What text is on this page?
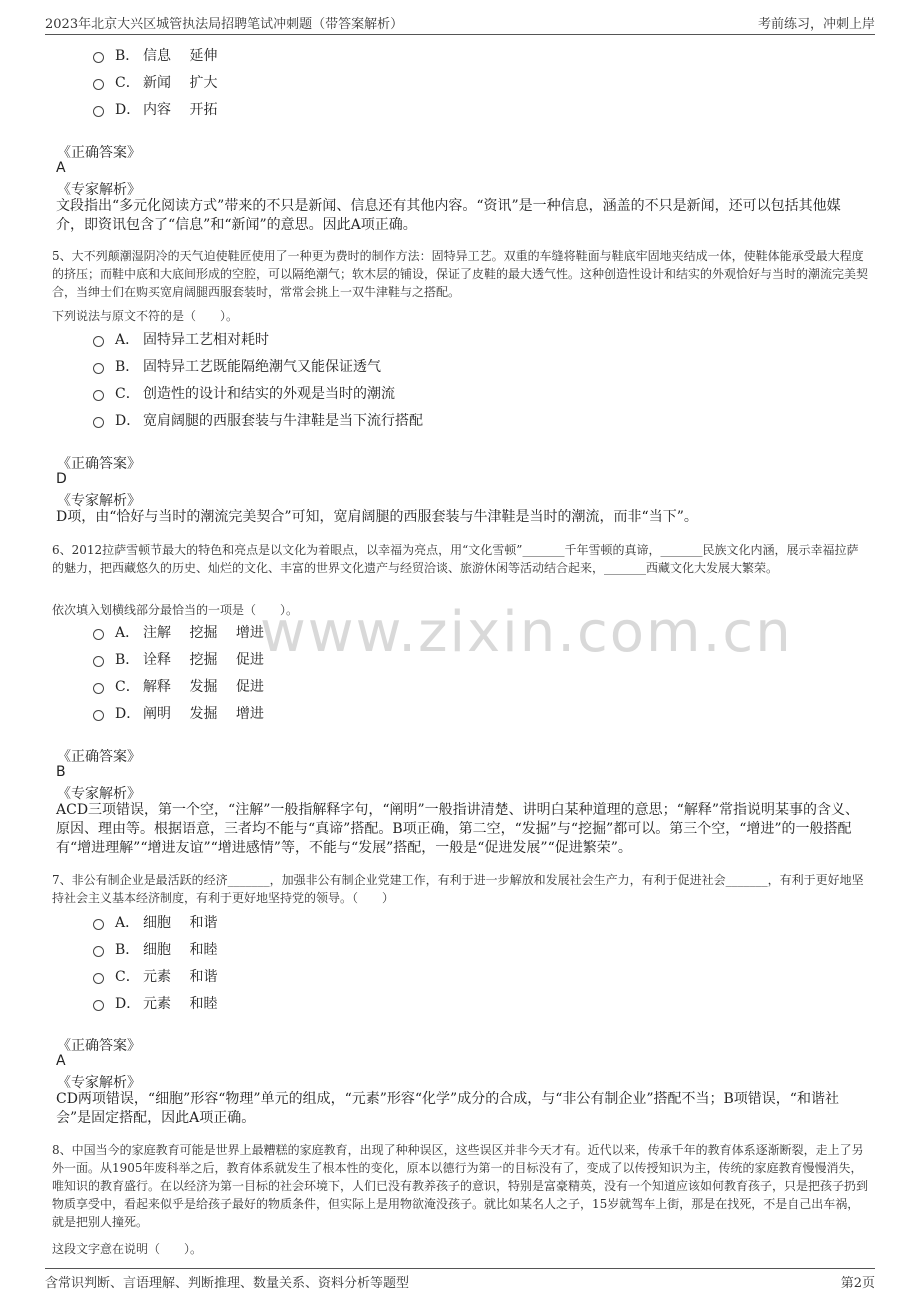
2023年北京大兴区城管执法局招聘笔试冲刺题（带答案解析）	考前练习，冲刺上岸
www.zixin.com.cn
B． 信息　 延伸
C． 新闻　 扩大
D． 内容　 开拓
《正确答案》
A
《专家解析》
文段指出“多元化阅读方式”带来的不只是新闻、信息还有其他内容。“资讯”是一种信息，涵盖的不只是新闻，还可以包括其他媒介，即资讯包含了“信息”和“新闻”的意思。因此A项正确。
5、大不列颠潮湿阴冷的天气迫使鞋匠使用了一种更为费时的制作方法：固特异工艺。双重的车缝将鞋面与鞋底牢固地夹结成一体，使鞋体能承受最大程度的挤压；而鞋中底和大底间形成的空腔，可以隔绝潮气；软木层的铺设，保证了皮鞋的最大透气性。这种创造性设计和结实的外观恰好与当时的潮流完美契合，当绅士们在购买宽肩阔腿西服套装时，常常会挑上一双牛津鞋与之搭配。
下列说法与原文不符的是（　　）。
A． 固特异工艺相对耗时
B． 固特异工艺既能隔绝潮气又能保证透气
C． 创造性的设计和结实的外观是当时的潮流
D． 宽肩阔腿的西服套装与牛津鞋是当下流行搭配
《正确答案》
D
《专家解析》
D项，由“恰好与当时的潮流完美契合”可知，宽肩阔腿的西服套装与牛津鞋是当时的潮流，而非“当下”。
6、2012拉萨雪顿节最大的特色和亮点是以文化为着眼点，以幸福为亮点，用“文化雪顿”_______千年雪顿的真谛，_______民族文化内涵，展示幸福拉萨的魅力，把西藏悠久的历史、灿烂的文化、丰富的世界文化遗产与经贸洽谈、旅游休闲等活动结合起来，_______西藏文化大发展大繁荣。
依次填入划横线部分最恰当的一项是（　　）。
A． 注解　 挖掘　 增进
B． 诠释　 挖掘　 促进
C． 解释　 发掘　 促进
D． 阐明　 发掘　 增进
《正确答案》
B
《专家解析》
ACD三项错误，第一个空，“注解”一般指解释字句，“阐明”一般指讲清楚、讲明白某种道理的意思；“解释”常指说明某事的含义、原因、理由等。根据语意，三者均不能与“真谛”搭配。B项正确，第二空，“发掘”与“挖掘”都可以。第三个空，“增进”的一般搭配有“增进理解”“增进友谊”“增进感情”等，不能与“发展”搭配，一般是“促进发展”“促进繁荣”。
7、非公有制企业是最活跃的经济_______，加强非公有制企业党建工作，有利于进一步解放和发展社会生产力，有利于促进社会_______，有利于更好地坚持社会主义基本经济制度，有利于更好地坚持党的领导。（　　）
A． 细胞　 和谐
B． 细胞　 和睦
C． 元素　 和谐
D． 元素　 和睦
《正确答案》
A
《专家解析》
CD两项错误，“细胞”形容“物理”单元的组成，“元素”形容“化学”成分的合成，与“非公有制企业”搭配不当；B项错误，“和谐社会”是固定搭配，因此A项正确。
8、中国当今的家庭教育可能是世界上最糟糕的家庭教育，出现了种种误区，这些误区并非今天才有。近代以来，传承千年的教育体系逐渐断裂，走上了另外一面。从1905年废科举之后，教育体系就发生了根本性的变化，原本以德行为第一的目标没有了，变成了以传授知识为主，传统的家庭教育慢慢消失，唯知识的教育盛行。在以经济为第一目标的社会环境下，人们已没有教养孩子的意识，特别是富豪精英，没有一个知道应该如何教育孩子，只是把孩子扔到物质享受中，看起来似乎是给孩子最好的物质条件，但实际上是用物欲淹没孩子。就比如某名人之子，15岁就驾车上街，那是在找死，不是自己出车祸，就是把别人撞死。
这段文字意在说明（　　）。
含常识判断、言语理解、判断推理、数量关系、资料分析等题型	第2页
